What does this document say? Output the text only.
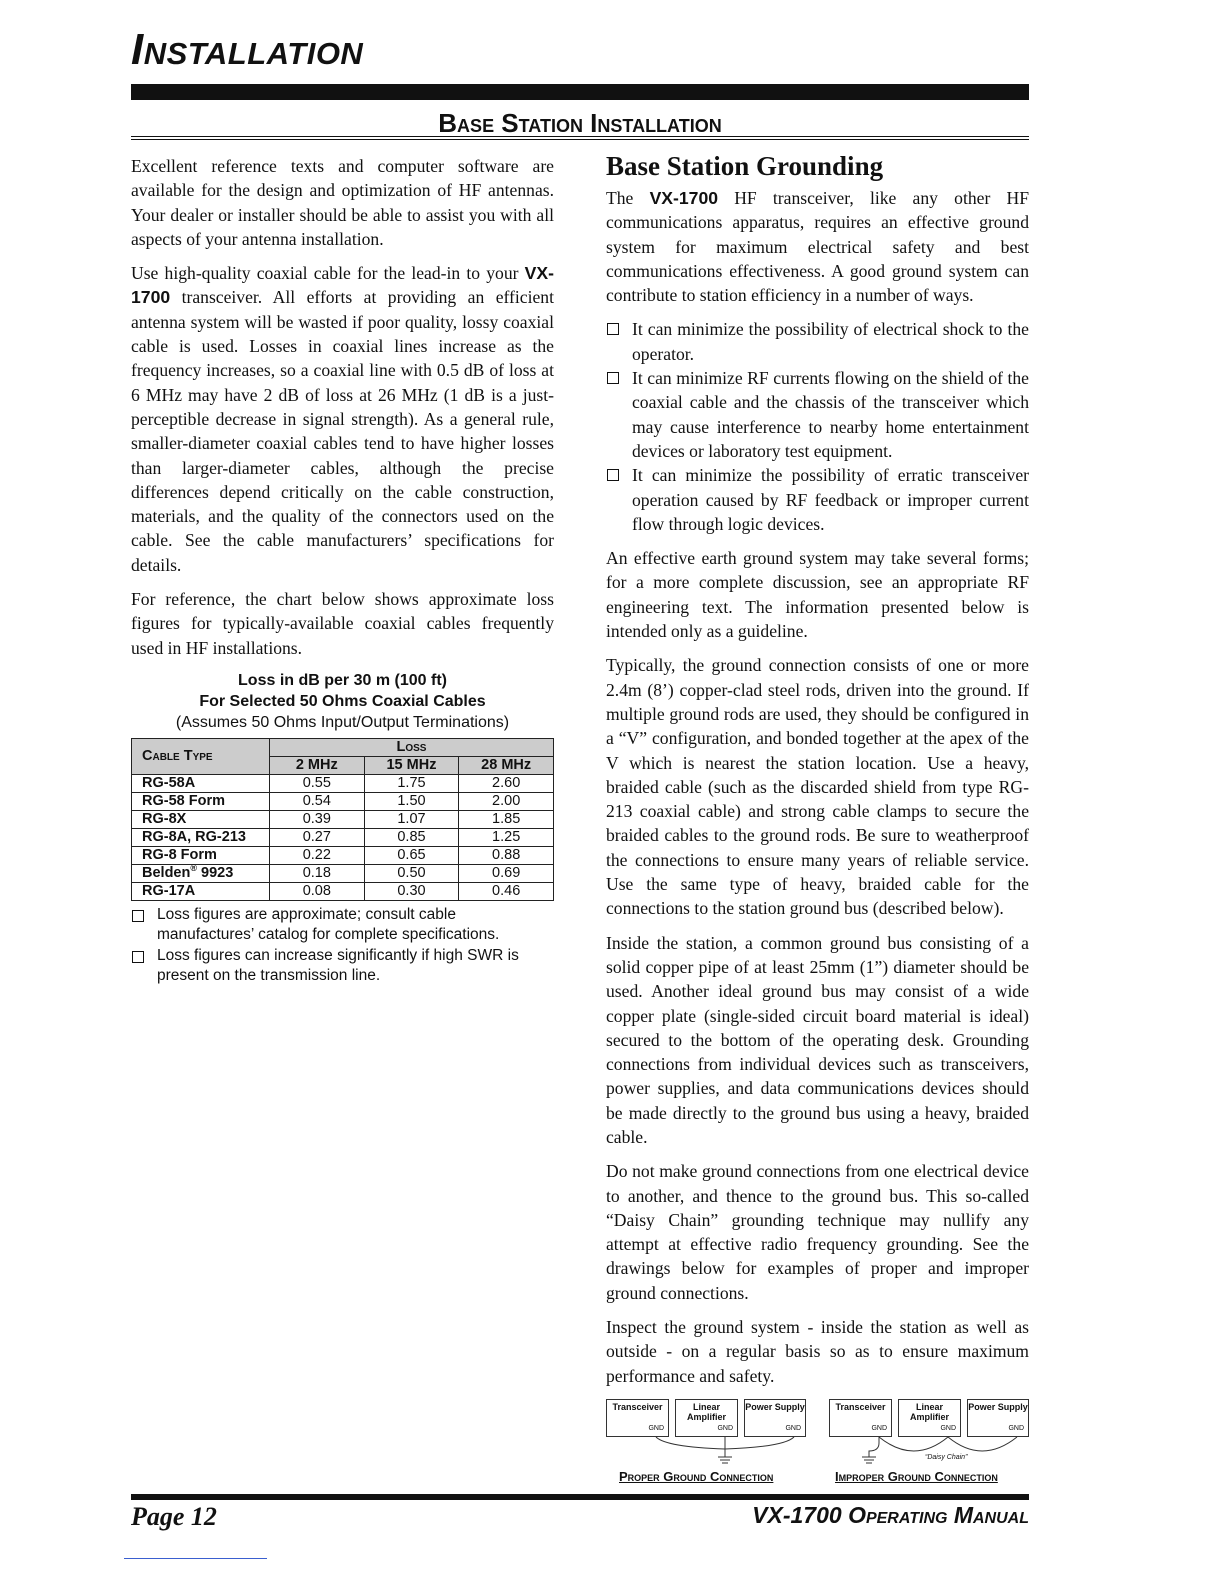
Installation
Base Station Installation

Excellent reference texts and computer software are available for the design and optimization of HF antennas. Your dealer or installer should be able to assist you with all aspects of your antenna installation.

Use high-quality coaxial cable for the lead-in to your VX-1700 transceiver. All efforts at providing an efficient antenna system will be wasted if poor quality, lossy coaxial cable is used. Losses in coaxial lines increase as the frequency increases, so a coaxial line with 0.5 dB of loss at 6 MHz may have 2 dB of loss at 26 MHz (1 dB is a just-perceptible decrease in signal strength). As a general rule, smaller-diameter coaxial cables tend to have higher losses than larger-diameter cables, although the precise differences depend critically on the cable construction, materials, and the quality of the connectors used on the cable. See the cable manufacturers’ specifications for details.

For reference, the chart below shows approximate loss figures for typically-available coaxial cables frequently used in HF installations.

Loss in dB per 30 m (100 ft)
For Selected 50 Ohms Coaxial Cables
(Assumes 50 Ohms Input/Output Terminations)
Cable Type	Loss		
	2 MHz	15 MHz	28 MHz
RG-58A	0.55	1.75	2.60
RG-58 Form	0.54	1.50	2.00
RG-8X	0.39	1.07	1.85
RG-8A, RG-213	0.27	0.85	1.25
RG-8 Form	0.22	0.65	0.88
Belden® 9923	0.18	0.50	0.69
RG-17A	0.08	0.30	0.46
Loss figures are approximate; consult cable manufactures’ catalog for complete specifications.
Loss figures can increase significantly if high SWR is present on the transmission line.
Base Station Grounding

The VX-1700 HF transceiver, like any other HF communications apparatus, requires an effective ground system for maximum electrical safety and best communications effectiveness. A good ground system can contribute to station efficiency in a number of ways.

It can minimize the possibility of electrical shock to the operator.
It can minimize RF currents flowing on the shield of the coaxial cable and the chassis of the transceiver which may cause interference to nearby home entertainment devices or laboratory test equipment.
It can minimize the possibility of erratic transceiver operation caused by RF feedback or improper current flow through logic devices.

An effective earth ground system may take several forms; for a more complete discussion, see an appropriate RF engineering text. The information presented below is intended only as a guideline.

Typically, the ground connection consists of one or more 2.4m (8’) copper-clad steel rods, driven into the ground. If multiple ground rods are used, they should be configured in a “V” configuration, and bonded together at the apex of the V which is nearest the station location. Use a heavy, braided cable (such as the discarded shield from type RG-213 coaxial cable) and strong cable clamps to secure the braided cables to the ground rods. Be sure to weatherproof the connections to ensure many years of reliable service. Use the same type of heavy, braided cable for the connections to the station ground bus (described below).

Inside the station, a common ground bus consisting of a solid copper pipe of at least 25mm (1”) diameter should be used. Another ideal ground bus may consist of a wide copper plate (single-sided circuit board material is ideal) secured to the bottom of the operating desk. Grounding connections from individual devices such as transceivers, power supplies, and data communications devices should be made directly to the ground bus using a heavy, braided cable.

Do not make ground connections from one electrical device to another, and thence to the ground bus. This so-called “Daisy Chain” grounding technique may nullify any attempt at effective radio frequency grounding. See the drawings below for examples of proper and improper ground connections.

Inspect the ground system - inside the station as well as outside - on a regular basis so as to ensure maximum performance and safety.

Transceiver
GND
Linear Amplifier
GND
Power Supply
GND
Proper Ground Connection
Transceiver
GND
Linear Amplifier
GND
Power Supply
GND
“Daisy Chain”
Improper Ground Connection
Page 12	VX-1700 Operating Manual
